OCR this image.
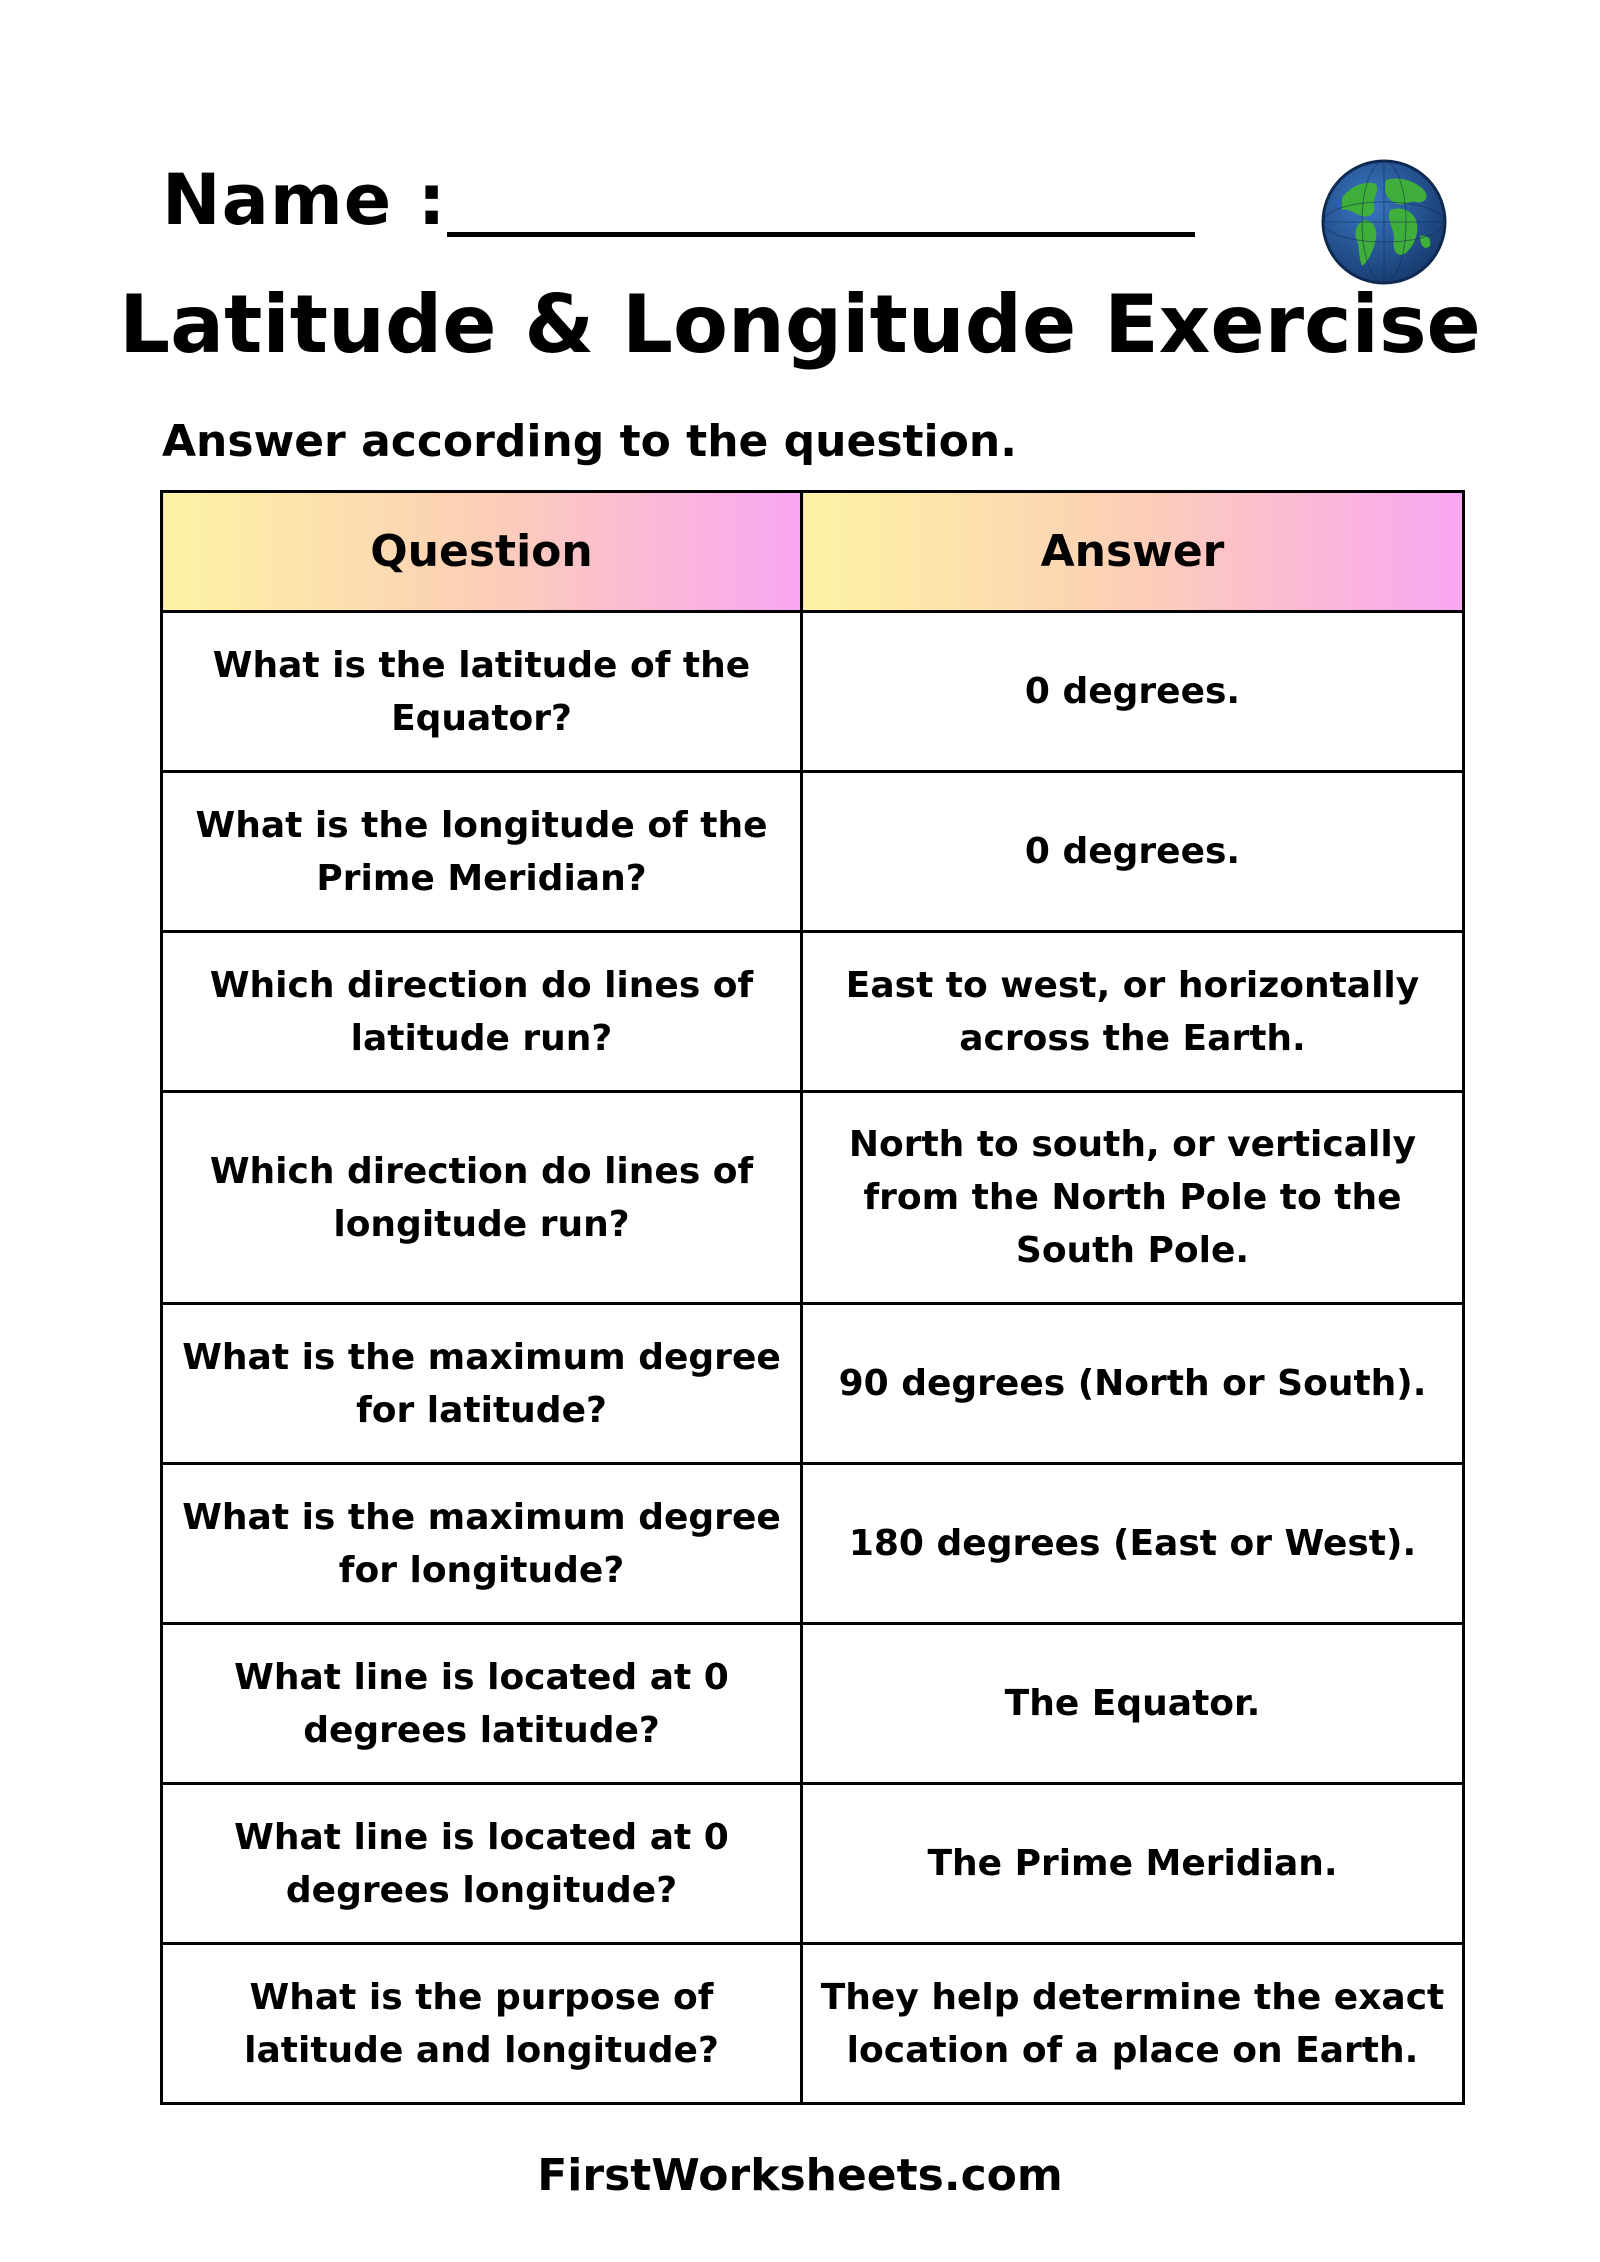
Name :
Latitude & Longitude Exercise
Answer according to the question.
Question	Answer
What is the latitude of the Equator?	0 degrees.
What is the longitude of the Prime Meridian?	0 degrees.
Which direction do lines of latitude run?	East to west, or horizontally across the Earth.
Which direction do lines of longitude run?	North to south, or vertically from the North Pole to the South Pole.
What is the maximum degree for latitude?	90 degrees (North or South).
What is the maximum degree for longitude?	180 degrees (East or West).
What line is located at 0 degrees latitude?	The Equator.
What line is located at 0 degrees longitude?	The Prime Meridian.
What is the purpose of latitude and longitude?	They help determine the exact location of a place on Earth.
FirstWorksheets.com
